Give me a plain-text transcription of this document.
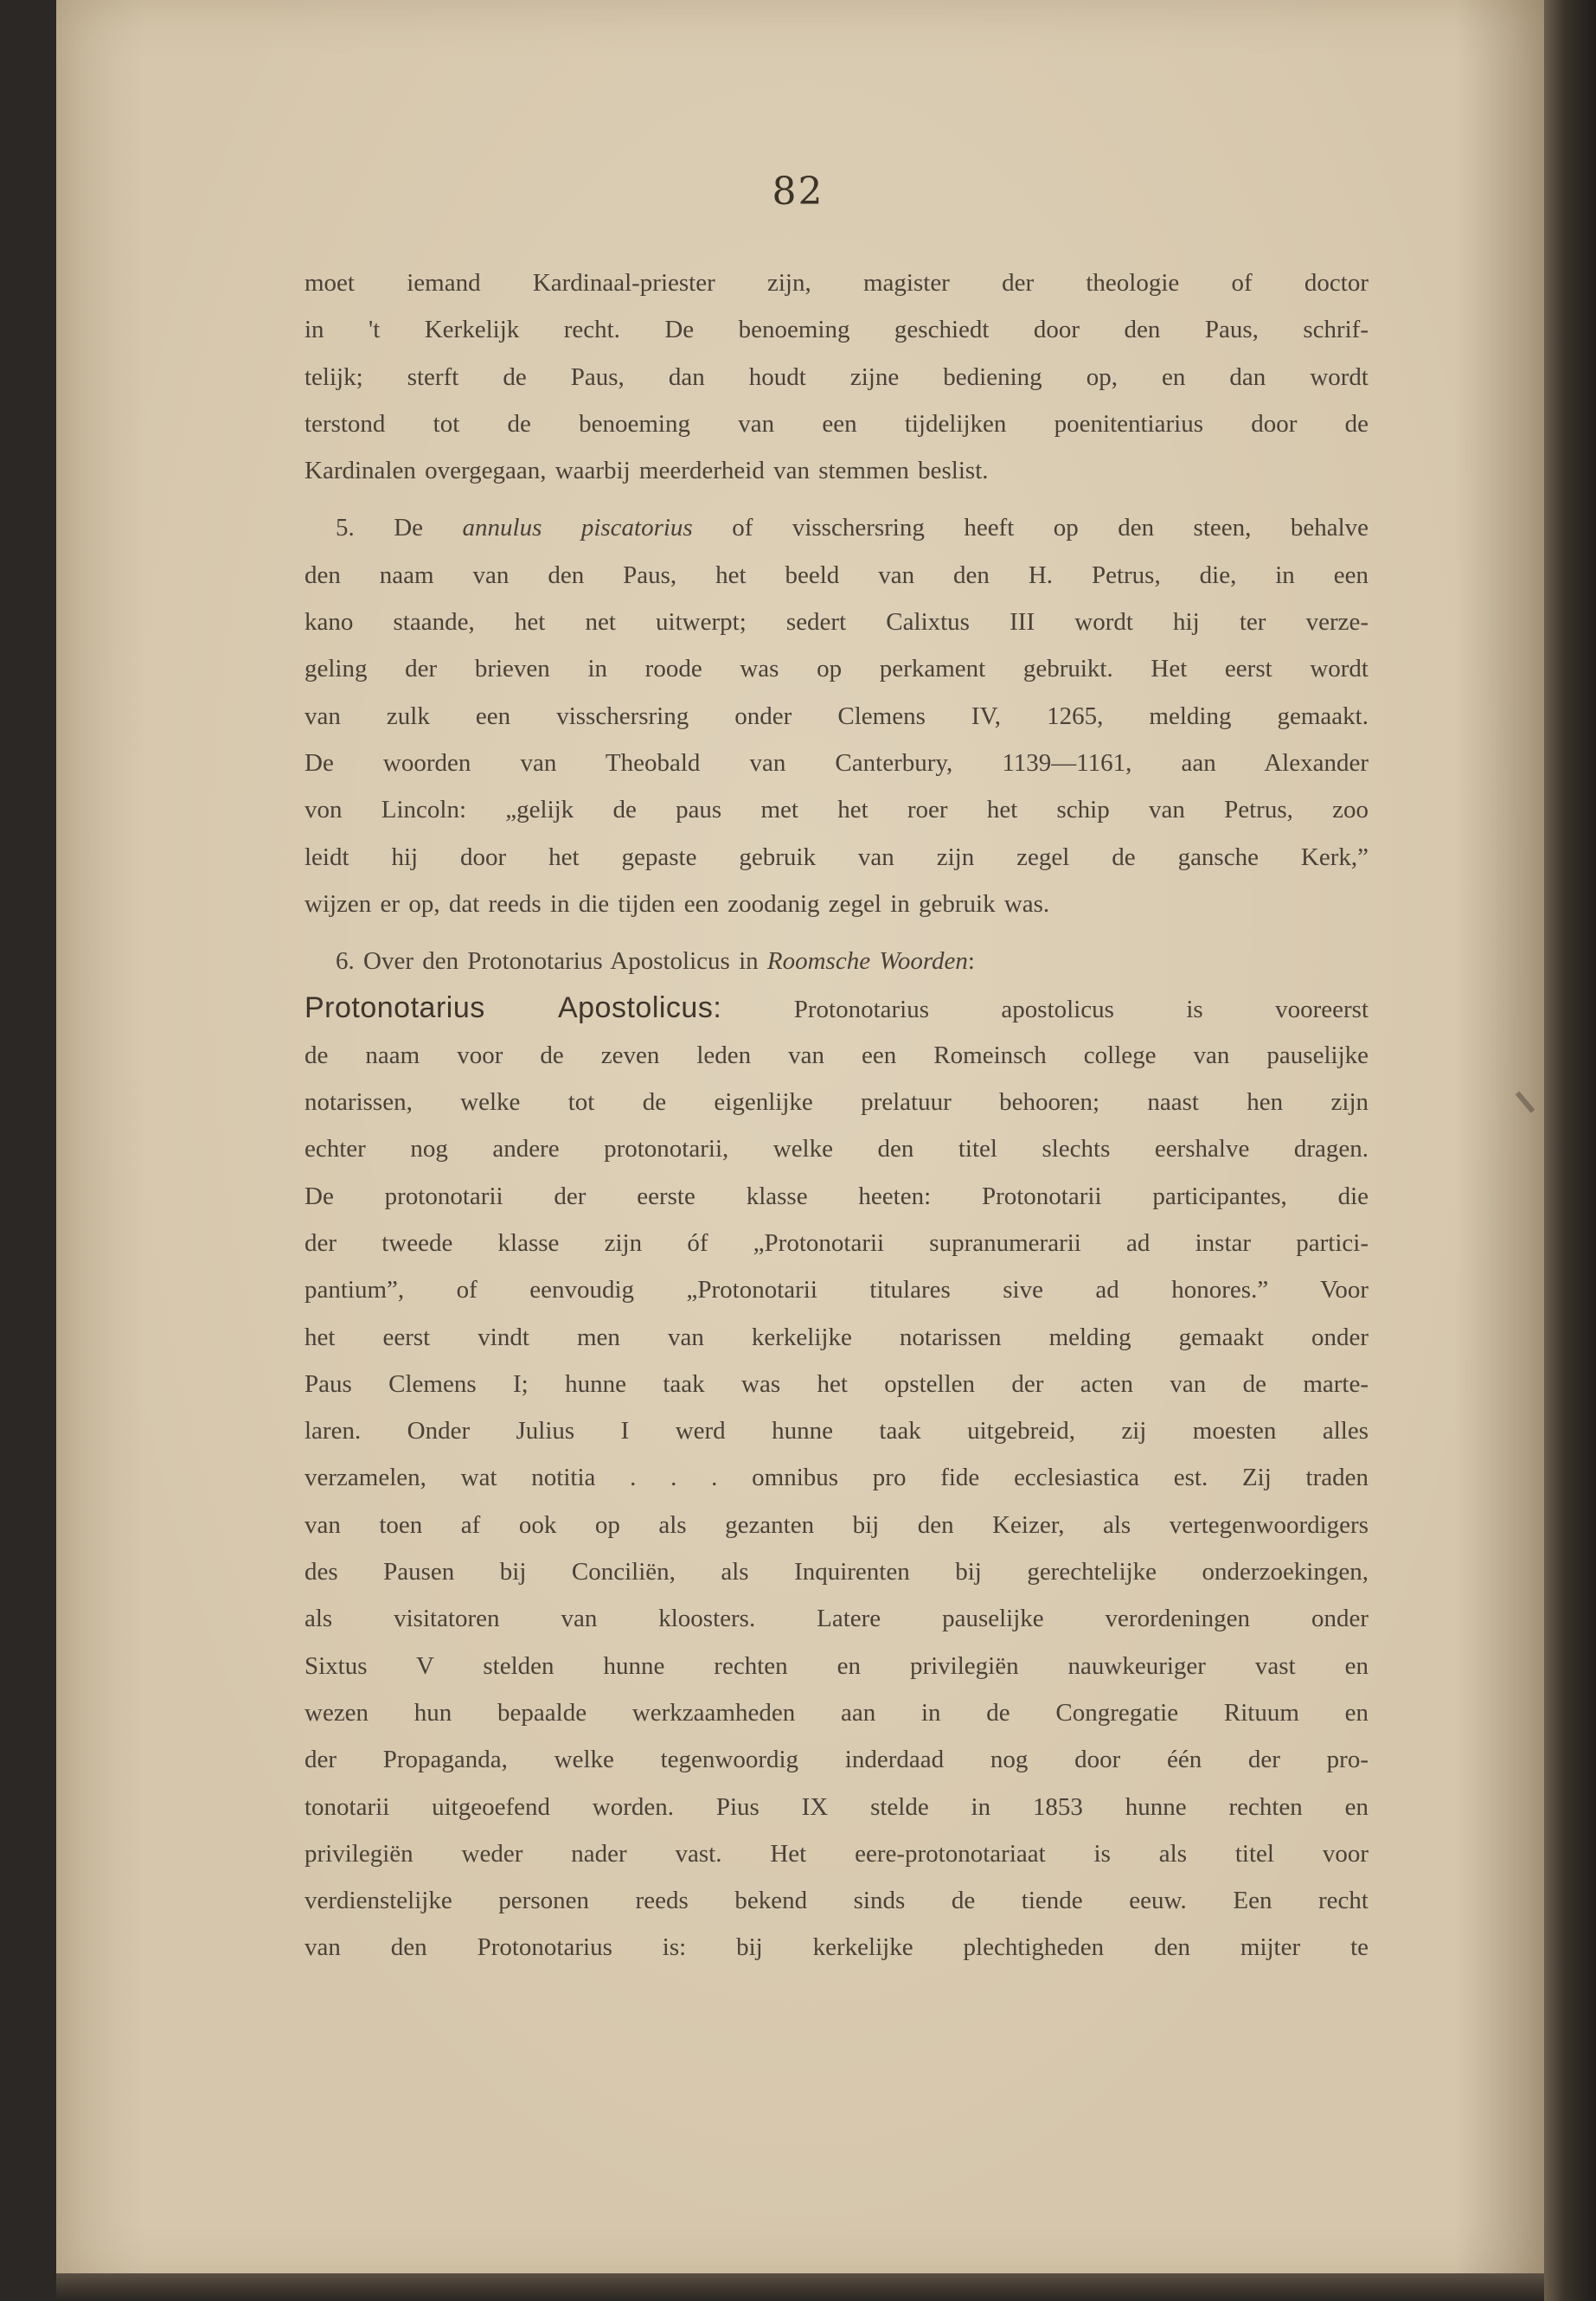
82
moet iemand Kardinaal-priester zijn, magister der theologie of doctor
in 't Kerkelijk recht. De benoeming geschiedt door den Paus, schrif-
telijk; sterft de Paus, dan houdt zijne bediening op, en dan wordt
terstond tot de benoeming van een tijdelijken poenitentiarius door de
Kardinalen overgegaan, waarbij meerderheid van stemmen beslist.
5. De annulus piscatorius of visschersring heeft op den steen, behalve
den naam van den Paus, het beeld van den H. Petrus, die, in een
kano staande, het net uitwerpt; sedert Calixtus III wordt hij ter verze-
geling der brieven in roode was op perkament gebruikt. Het eerst wordt
van zulk een visschersring onder Clemens IV, 1265, melding gemaakt.
De woorden van Theobald van Canterbury, 1139—1161, aan Alexander
von Lincoln: „gelijk de paus met het roer het schip van Petrus, zoo
leidt hij door het gepaste gebruik van zijn zegel de gansche Kerk,”
wijzen er op, dat reeds in die tijden een zoodanig zegel in gebruik was.
6. Over den Protonotarius Apostolicus in Roomsche Woorden:
Protonotarius Apostolicus:	Protonotarius apostolicus is vooreerst
de naam voor de zeven leden van een Romeinsch college van pauselijke
notarissen, welke tot de eigenlijke prelatuur behooren; naast hen zijn
echter nog andere protonotarii, welke den titel slechts eershalve dragen.
De protonotarii der eerste klasse heeten: Protonotarii participantes, die
der tweede klasse zijn óf „Protonotarii supranumerarii ad instar partici-
pantium”, of eenvoudig „Protonotarii titulares sive ad honores.” Voor
het eerst vindt men van kerkelijke notarissen melding gemaakt onder
Paus Clemens I; hunne taak was het opstellen der acten van de marte-
laren. Onder Julius I werd hunne taak uitgebreid, zij moesten alles
verzamelen, wat notitia . . . omnibus pro fide ecclesiastica est. Zij traden
van toen af ook op als gezanten bij den Keizer, als vertegenwoordigers
des Pausen bij Conciliën, als Inquirenten bij gerechtelijke onderzoekingen,
als visitatoren van kloosters. Latere pauselijke verordeningen onder
Sixtus V stelden hunne rechten en privilegiën nauwkeuriger vast en
wezen hun bepaalde werkzaamheden aan in de Congregatie Rituum en
der Propaganda, welke tegenwoordig inderdaad nog door één der pro-
tonotarii uitgeoefend worden. Pius IX stelde in 1853 hunne rechten en
privilegiën weder nader vast. Het eere-protonotariaat is als titel voor
verdienstelijke personen reeds bekend sinds de tiende eeuw. Een recht
van den Protonotarius is: bij kerkelijke plechtigheden den mijter te
